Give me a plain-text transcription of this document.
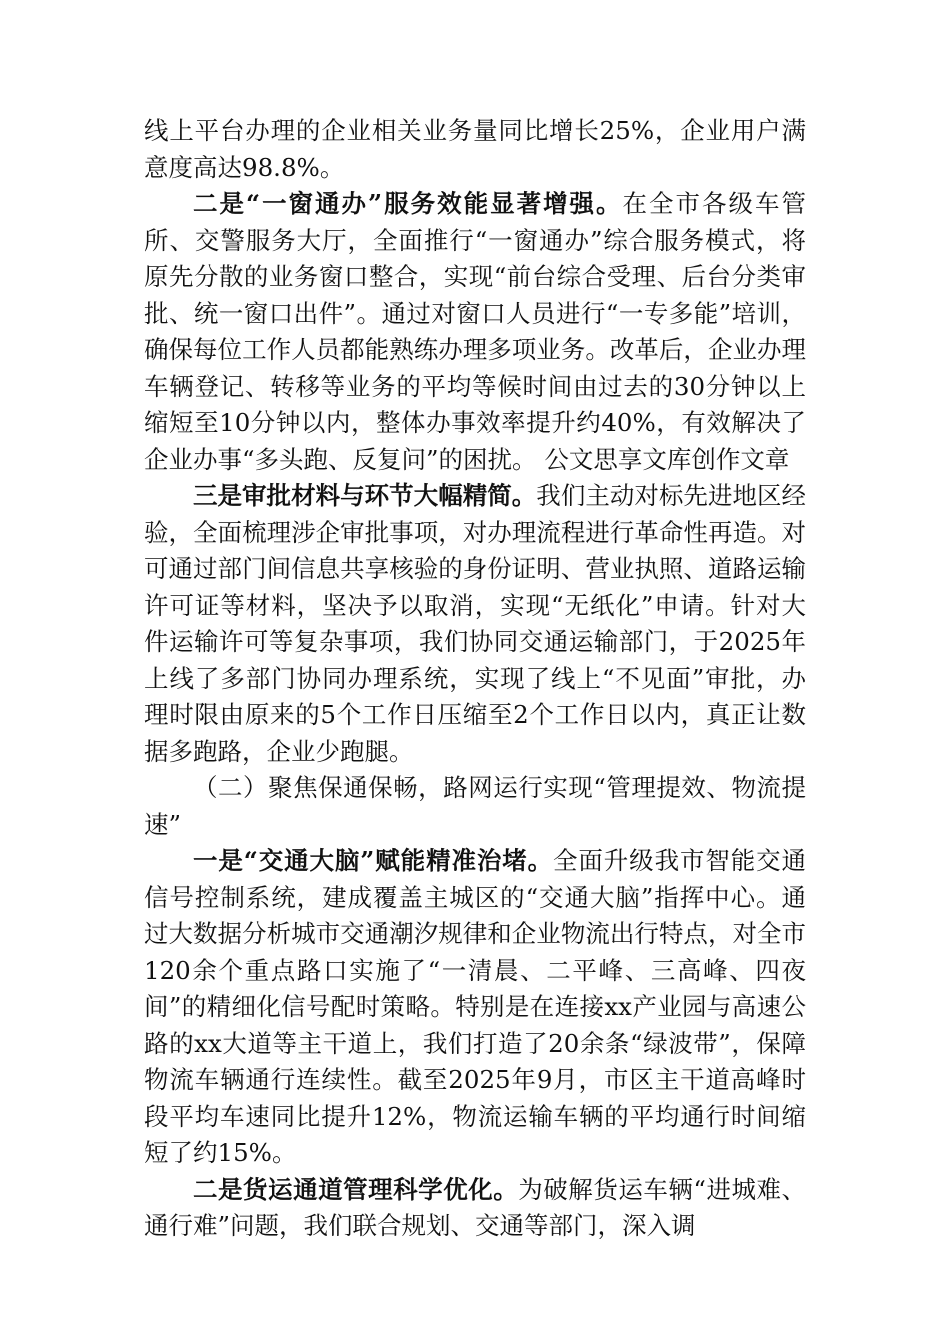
线上平台办理的企业相关业务量同比增长25%，企业用户满意度高达98.8%。

二是“一窗通办”服务效能显著增强。在全市各级车管所、交警服务大厅，全面推行“一窗通办”综合服务模式，将原先分散的业务窗口整合，实现“前台综合受理、后台分类审批、统一窗口出件”。通过对窗口人员进行“一专多能”培训，确保每位工作人员都能熟练办理多项业务。改革后，企业办理车辆登记、转移等业务的平均等候时间由过去的30分钟以上缩短至10分钟以内，整体办事效率提升约40%，有效解决了企业办事“多头跑、反复问”的困扰。 公文思享文库创作文章

三是审批材料与环节大幅精简。我们主动对标先进地区经验，全面梳理涉企审批事项，对办理流程进行革命性再造。对可通过部门间信息共享核验的身份证明、营业执照、道路运输许可证等材料，坚决予以取消，实现“无纸化”申请。针对大件运输许可等复杂事项，我们协同交通运输部门，于2025年上线了多部门协同办理系统，实现了线上“不见面”审批，办理时限由原来的5个工作日压缩至2个工作日以内，真正让数据多跑路，企业少跑腿。

（二）聚焦保通保畅，路网运行实现“管理提效、物流提速”

一是“交通大脑”赋能精准治堵。全面升级我市智能交通信号控制系统，建成覆盖主城区的“交通大脑”指挥中心。通过大数据分析城市交通潮汐规律和企业物流出行特点，对全市120余个重点路口实施了“一清晨、二平峰、三高峰、四夜间”的精细化信号配时策略。特别是在连接xx产业园与高速公路的xx大道等主干道上，我们打造了20余条“绿波带”，保障物流车辆通行连续性。截至2025年9月，市区主干道高峰时段平均车速同比提升12%，物流运输车辆的平均通行时间缩短了约15%。

二是货运通道管理科学优化。为破解货运车辆“进城难、通行难”问题，我们联合规划、交通等部门，深入调
